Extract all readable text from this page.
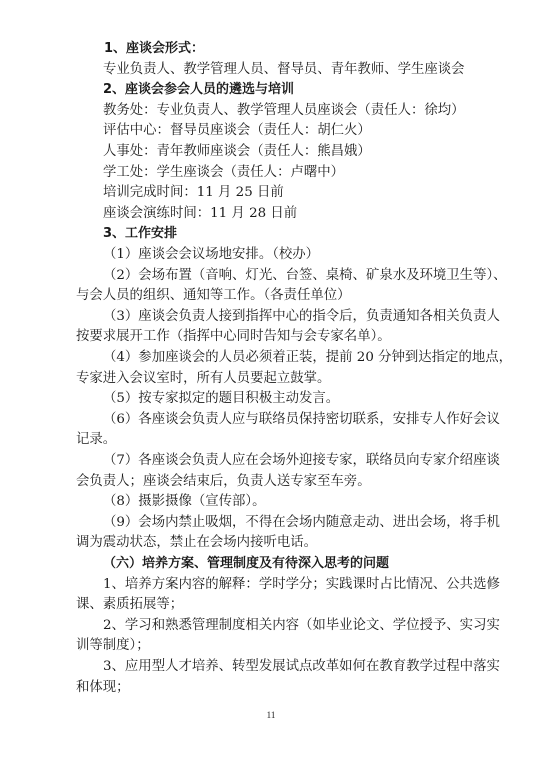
1、座谈会形式：
专业负责人、教学管理人员、督导员、青年教师、学生座谈会
2、座谈会参会人员的遴选与培训
教务处：专业负责人、教学管理人员座谈会（责任人：徐均）
评估中心：督导员座谈会（责任人：胡仁火）
人事处：青年教师座谈会（责任人：熊昌娥）
学工处：学生座谈会（责任人：卢曙中）
培训完成时间：11 月 25 日前
座谈会演练时间：11 月 28 日前
3、工作安排
（1）座谈会会议场地安排。（校办）
（2）会场布置（音响、灯光、台签、桌椅、矿泉水及环境卫生等）、
与会人员的组织、通知等工作。（各责任单位）
（3）座谈会负责人接到指挥中心的指令后，负责通知各相关负责人
按要求展开工作（指挥中心同时告知与会专家名单）。
（4）参加座谈会的人员必须着正装，提前 20 分钟到达指定的地点，
专家进入会议室时，所有人员要起立鼓掌。
（5）按专家拟定的题目积极主动发言。
（6）各座谈会负责人应与联络员保持密切联系，安排专人作好会议
记录。
（7）各座谈会负责人应在会场外迎接专家，联络员向专家介绍座谈
会负责人；座谈会结束后，负责人送专家至车旁。
（8）摄影摄像（宣传部）。
（9）会场内禁止吸烟，不得在会场内随意走动、进出会场，将手机
调为震动状态，禁止在会场内接听电话。
（六）培养方案、管理制度及有待深入思考的问题
1、培养方案内容的解释：学时学分；实践课时占比情况、公共选修
课、素质拓展等；
2、学习和熟悉管理制度相关内容（如毕业论文、学位授予、实习实
训等制度）；
3、应用型人才培养、转型发展试点改革如何在教育教学过程中落实
和体现；
11
